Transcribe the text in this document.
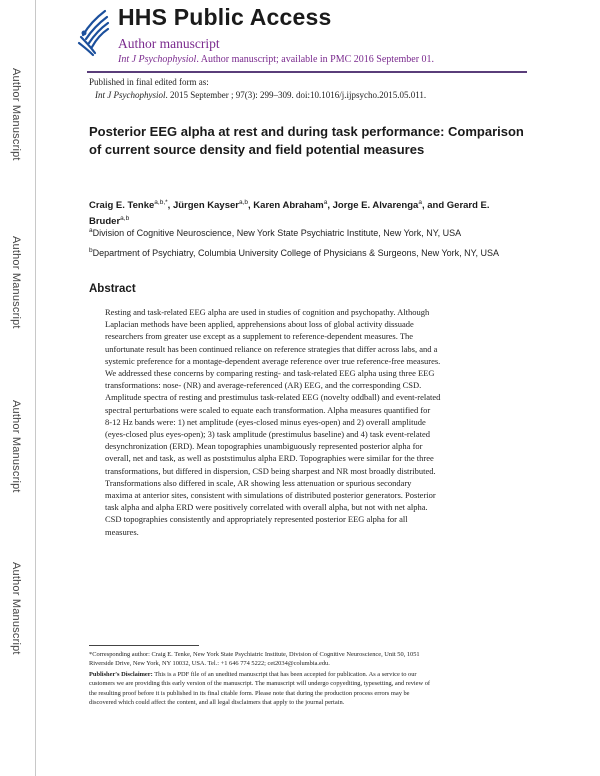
Author Manuscript
Author Manuscript
Author Manuscript
Author Manuscript
HHS Public Access
Author manuscript
Int J Psychophysiol. Author manuscript; available in PMC 2016 September 01.
Published in final edited form as:
Int J Psychophysiol. 2015 September ; 97(3): 299–309. doi:10.1016/j.ijpsycho.2015.05.011.
Posterior EEG alpha at rest and during task performance: Comparison of current source density and field potential measures
Craig E. Tenke$^{a,b,*}$, Jürgen Kayser$^{a,b}$, Karen Abraham$^a$, Jorge E. Alvarenga$^a$, and Gerard E. Bruder$^{a,b}$
$^a$Division of Cognitive Neuroscience, New York State Psychiatric Institute, New York, NY, USA
$^b$Department of Psychiatry, Columbia University College of Physicians & Surgeons, New York, NY, USA
Abstract
Resting and task-related EEG alpha are used in studies of cognition and psychopathy. Although
Laplacian methods have been applied, apprehensions about loss of global activity dissuade
researchers from greater use except as a supplement to reference-dependent measures. The
unfortunate result has been continued reliance on reference strategies that differ across labs, and a
systemic preference for a montage-dependent average reference over true reference-free measures.
We addressed these concerns by comparing resting- and task-related EEG alpha using three EEG
transformations: nose- (NR) and average-referenced (AR) EEG, and the corresponding CSD.
Amplitude spectra of resting and prestimulus task-related EEG (novelty oddball) and event-related
spectral perturbations were scaled to equate each transformation. Alpha measures quantified for
8-12 Hz bands were: 1) net amplitude (eyes-closed minus eyes-open) and 2) overall amplitude
(eyes-closed plus eyes-open); 3) task amplitude (prestimulus baseline) and 4) task event-related
desynchronization (ERD). Mean topographies unambiguously represented posterior alpha for
overall, net and task, as well as poststimulus alpha ERD. Topographies were similar for the three
transformations, but differed in dispersion, CSD being sharpest and NR most broadly distributed.
Transformations also differed in scale, AR showing less attenuation or spurious secondary
maxima at anterior sites, consistent with simulations of distributed posterior generators. Posterior
task alpha and alpha ERD were positively correlated with overall alpha, but not with net alpha.
CSD topographies consistently and appropriately represented posterior EEG alpha for all
measures.
*Corresponding author: Craig E. Tenke, New York State Psychiatric Institute, Division of Cognitive Neuroscience, Unit 50, 1051
Riverside Drive, New York, NY 10032, USA. Tel.: +1 646 774 5222; cet2034@columbia.edu.
Publisher's Disclaimer: This is a PDF file of an unedited manuscript that has been accepted for publication. As a service to our
customers we are providing this early version of the manuscript. The manuscript will undergo copyediting, typesetting, and review of
the resulting proof before it is published in its final citable form. Please note that during the production process errors may be
discovered which could affect the content, and all legal disclaimers that apply to the journal pertain.
